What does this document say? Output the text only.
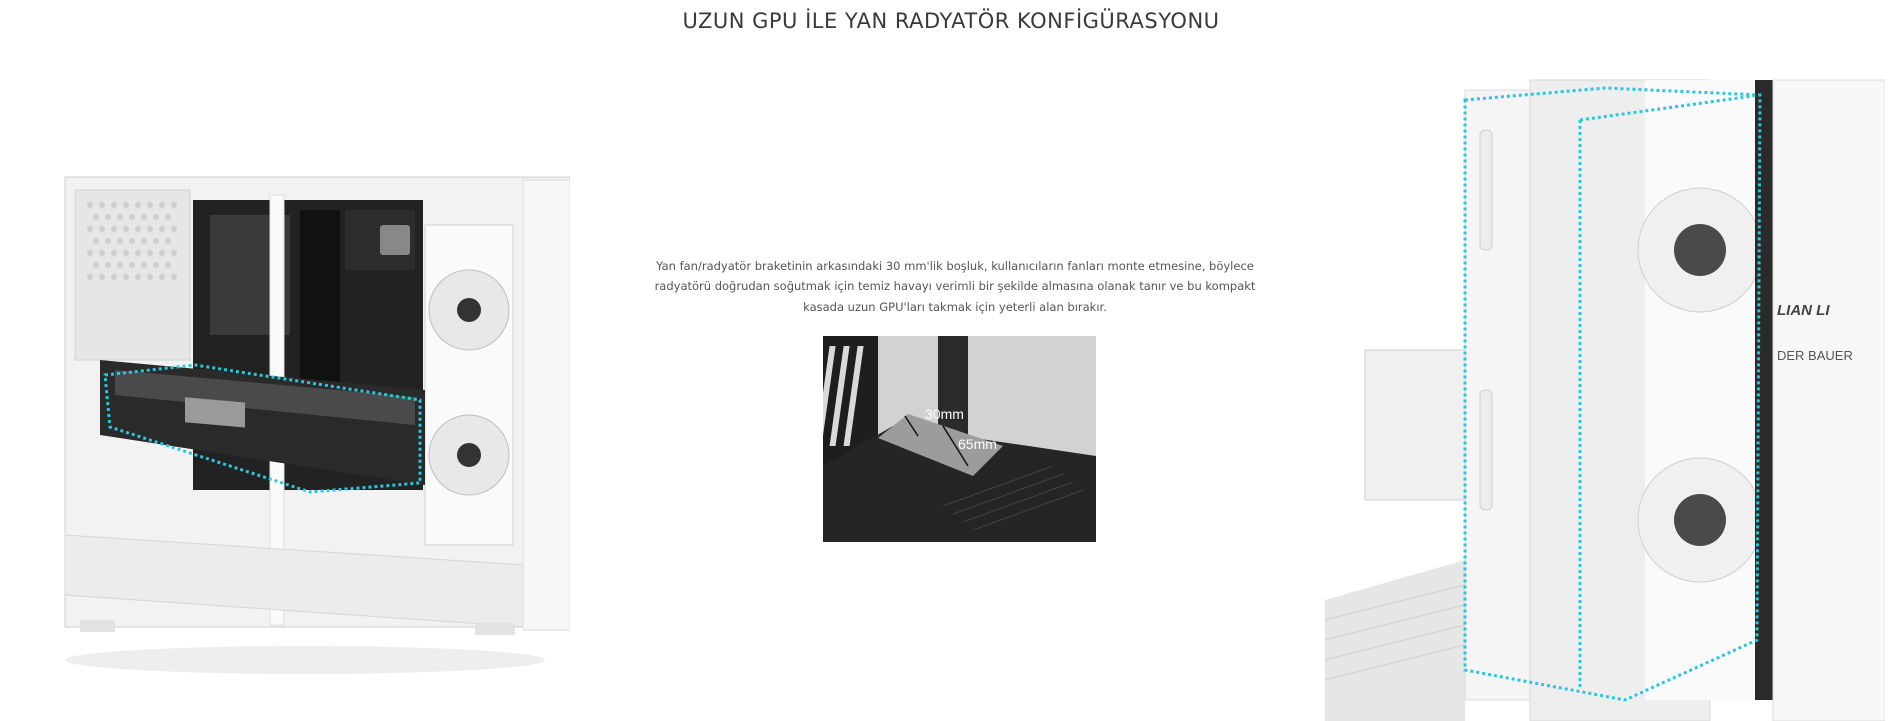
UZUN GPU İLE YAN RADYATÖR KONFİGÜRASYONU

Yan fan/radyatör braketinin arkasındaki 30 mm'lik boşluk, kullanıcıların fanları monte etmesine, böylece radyatörü doğrudan soğutmak için temiz havayı verimli bir şekilde almasına olanak tanır ve bu kompakt kasada uzun GPU'ları takmak için yeterli alan bırakır.

30mm
65mm
LIAN LI
DER BAUER
